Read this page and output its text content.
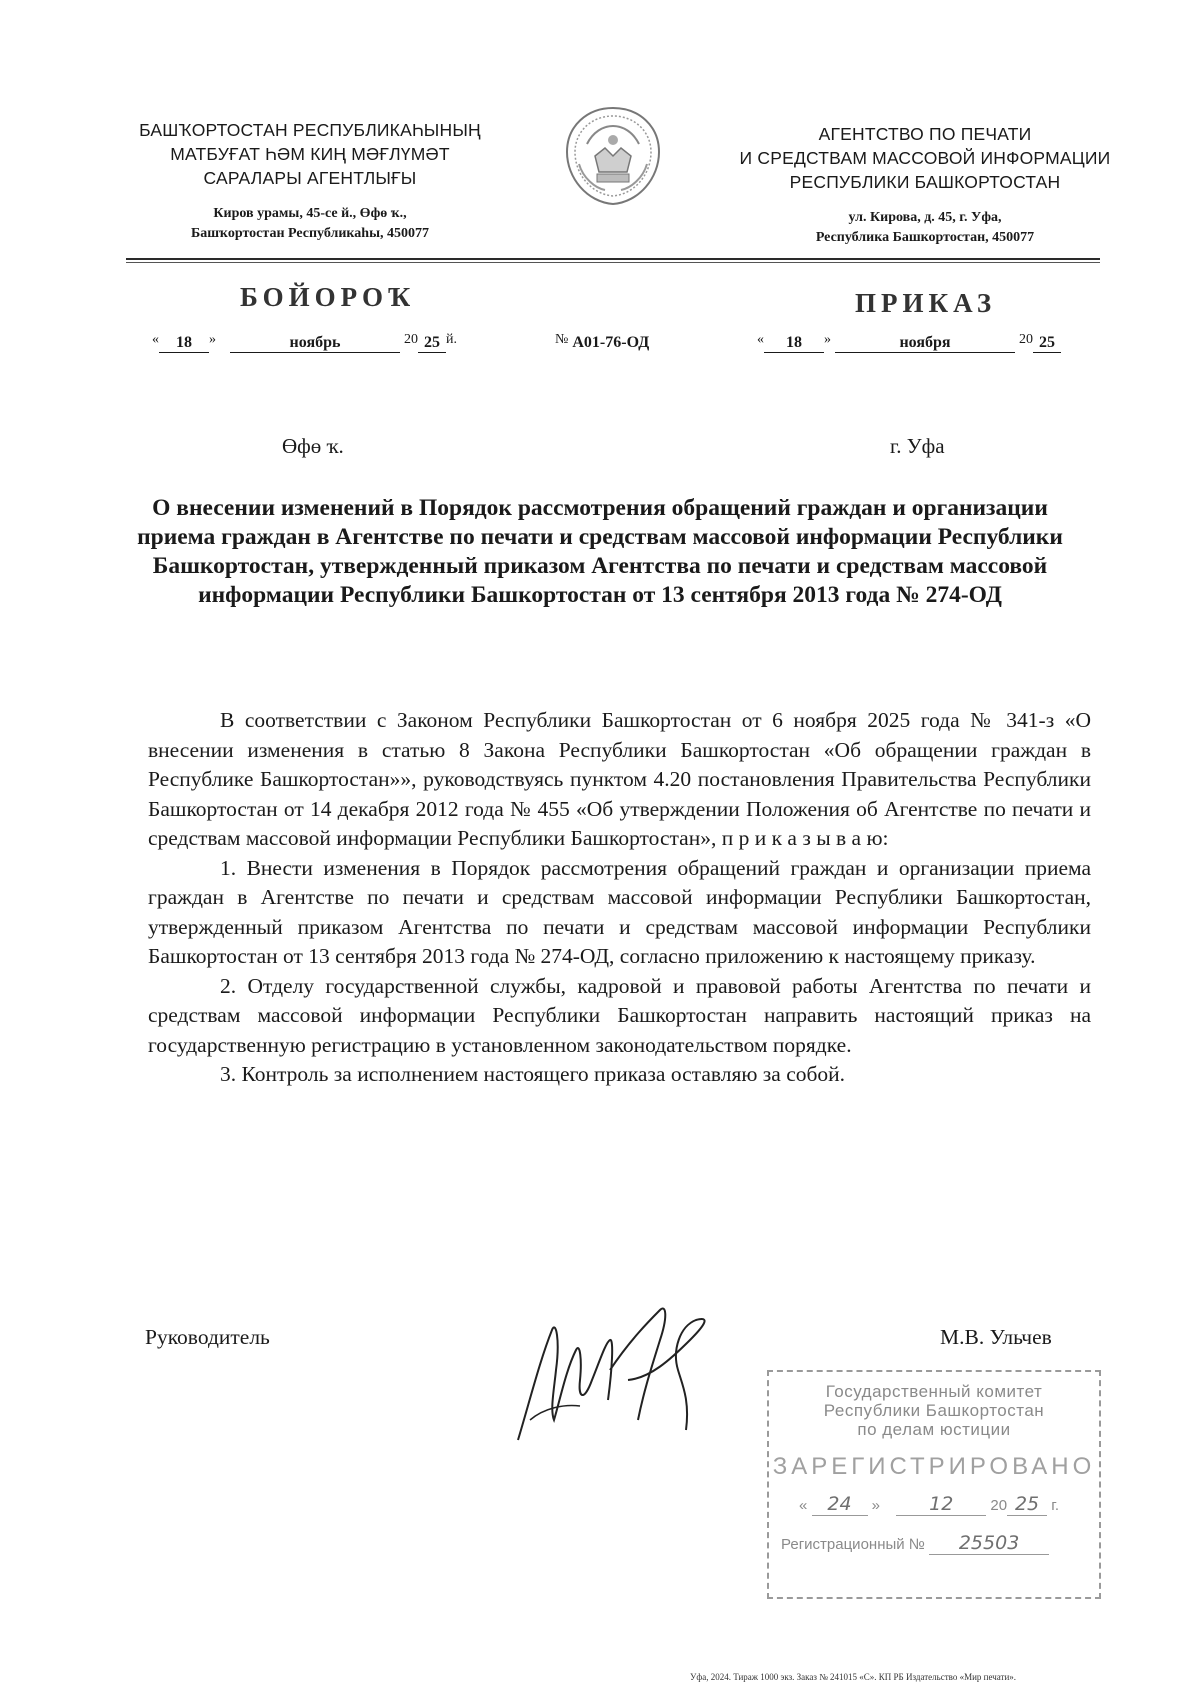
БАШҠОРТОСТАН РЕСПУБЛИКАҺЫНЫҢ
МАТБУҒАТ ҺӘМ КИҢ МӘҒЛҮМӘТ
САРАЛАРЫ АГЕНТЛЫҒЫ
Киров урамы, 45-се й., Өфө ҡ.,
Башҡортостан Республикаһы, 450077
АГЕНТСТВО ПО ПЕЧАТИ
И СРЕДСТВАМ МАССОВОЙ ИНФОРМАЦИИ
РЕСПУБЛИКИ БАШКОРТОСТАН
ул. Кирова, д. 45, г. Уфа,
Республика Башкортостан, 450077
БОЙОРОҠ	ПРИКАЗ
« 18 »	ноябрь	20 25 й.	№ А01-76-ОД	« 18 »	ноября	20 25
Өфө ҡ.	г. Уфа
О внесении изменений в Порядок рассмотрения обращений граждан и организации приема граждан в Агентстве по печати и средствам массовой информации Республики Башкортостан, утвержденный приказом Агентства по печати и средствам массовой информации Республики Башкортостан от 13 сентября 2013 года № 274-ОД

В соответствии с Законом Республики Башкортостан от 6 ноября 2025 года № 341-з «О внесении изменения в статью 8 Закона Республики Башкортостан «Об обращении граждан в Республике Башкортостан»», руководствуясь пунктом 4.20 постановления Правительства Республики Башкортостан от 14 декабря 2012 года № 455 «Об утверждении Положения об Агентстве по печати и средствам массовой информации Республики Башкортостан», п р и к а з ы в а ю:

1. Внести изменения в Порядок рассмотрения обращений граждан и организации приема граждан в Агентстве по печати и средствам массовой информации Республики Башкортостан, утвержденный приказом Агентства по печати и средствам массовой информации Республики Башкортостан от 13 сентября 2013 года № 274-ОД, согласно приложению к настоящему приказу.

2. Отделу государственной службы, кадровой и правовой работы Агентства по печати и средствам массовой информации Республики Башкортостан направить настоящий приказ на государственную регистрацию в установленном законодательством порядке.

3. Контроль за исполнением настоящего приказа оставляю за собой.

Руководитель	М.В. Ульчев
Государственный комитет
Республики Башкортостан
по делам юстиции
ЗАРЕГИСТРИРОВАНО
« 24 » 12 20 25 г.
Регистрационный № 25503
Уфа, 2024. Тираж 1000 экз. Заказ № 241015 «С». КП РБ Издательство «Мир печати».
